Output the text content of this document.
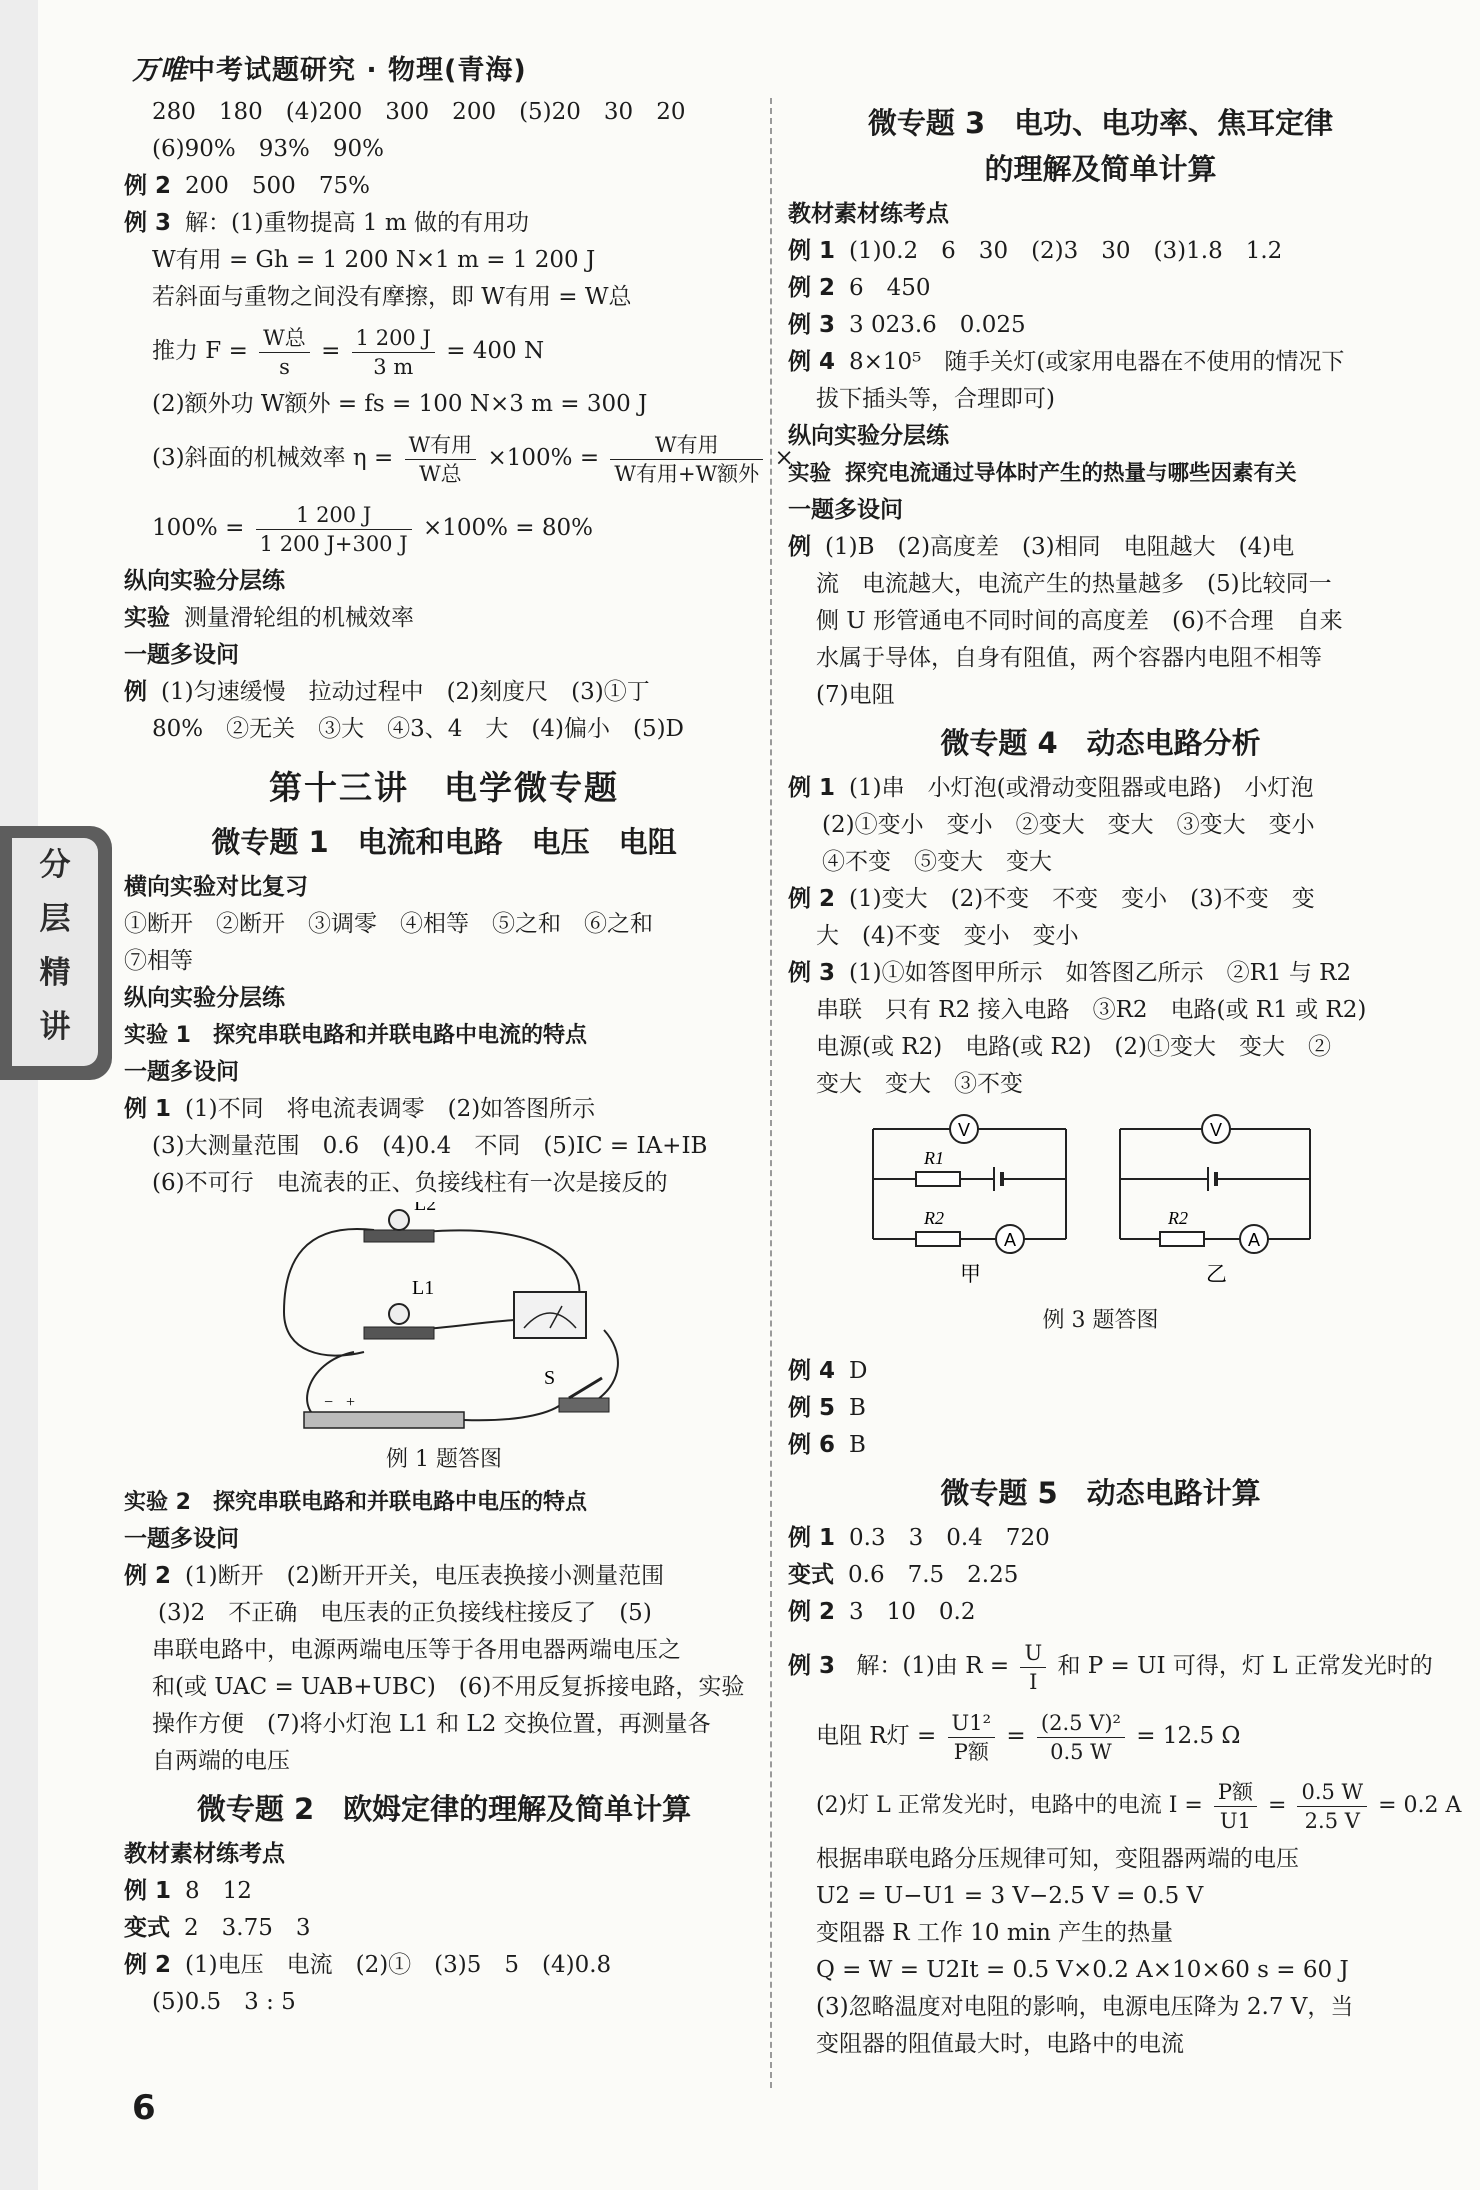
万唯中考试题研究 · 物理(青海)
分
层
精
讲
280　180　(4)200　300　200　(5)20　30　20
(6)90%　93%　90%
例 2 200　500　75%
例 3 解：(1)重物提高 1 m 做的有用功
W有用 = Gh = 1 200 N×1 m = 1 200 J
若斜面与重物之间没有摩擦，即 W有用 = W总
推力 $F = \frac{\text{W总}}{s} = \frac{1 200 J}{3 m} = 400$ N
(2)额外功 W额外 = fs = 100 N×3 m = 300 J
(3)斜面的机械效率 $\eta = \frac{\text{W有用}}{\text{W总}} \times 100\% = \frac{\text{W有用}}{\text{W有用+W额外}}$ ×
$100\% = \frac{1 200 J}{1 200 J+300 J} \times 100\% = 80\%$
纵向实验分层练
实验 测量滑轮组的机械效率
一题多设问
例 (1)匀速缓慢　拉动过程中　(2)刻度尺　(3)①丁
80%　②无关　③大　④3、4　大　(4)偏小　(5)D
第十三讲　电学微专题
微专题 1　电流和电路　电压　电阻
横向实验对比复习
①断开　②断开　③调零　④相等　⑤之和　⑥之和
⑦相等
纵向实验分层练
实验 1　探究串联电路和并联电路中电流的特点
一题多设问
例 1 (1)不同　将电流表调零　(2)如答图所示
(3)大测量范围　0.6　(4)0.4　不同　(5)IC = IA+IB
(6)不可行　电流表的正、负接线柱有一次是接反的
L2
L1
− +
S
例 1 题答图
实验 2　探究串联电路和并联电路中电压的特点
一题多设问
例 2 (1)断开　(2)断开开关，电压表换接小测量范围
(3)2　不正确　电压表的正负接线柱接反了　(5)
串联电路中，电源两端电压等于各用电器两端电压之
和(或 UAC = UAB+UBC)　(6)不用反复拆接电路，实验
操作方便　(7)将小灯泡 L1 和 L2 交换位置，再测量各
自两端的电压
微专题 2　欧姆定律的理解及简单计算
教材素材练考点
例 1 8　12
变式 2　3.75　3
例 2 (1)电压　电流　(2)①　(3)5　5　(4)0.8
(5)0.5　3 : 5
微专题 3　电功、电功率、焦耳定律
的理解及简单计算
教材素材练考点
例 1 (1)0.2　6　30　(2)3　30　(3)1.8　1.2
例 2 6　450
例 3 3 023.6　0.025
例 4 8×10⁵　随手关灯(或家用电器在不使用的情况下
拔下插头等，合理即可)
纵向实验分层练
实验 探究电流通过导体时产生的热量与哪些因素有关
一题多设问
例 (1)B　(2)高度差　(3)相同　电阻越大　(4)电
流　电流越大，电流产生的热量越多　(5)比较同一
侧 U 形管通电不同时间的高度差　(6)不合理　自来
水属于导体，自身有阻值，两个容器内电阻不相等
(7)电阻
微专题 4　动态电路分析
例 1 (1)串　小灯泡(或滑动变阻器或电路)　小灯泡
(2)①变小　变小　②变大　变大　③变大　变小
④不变　⑤变大　变大
例 2 (1)变大　(2)不变　不变　变小　(3)不变　变
大　(4)不变　变小　变小
例 3 (1)①如答图甲所示　如答图乙所示　②R1 与 R2
串联　只有 R2 接入电路　③R2　电路(或 R1 或 R2)
电源(或 R2)　电路(或 R2)　(2)①变大　变大　②
变大　变大　③不变
V
R1
A
R2
甲
V
A
R2
乙
例 3 题答图
例 4 D
例 5 B
例 6 B
微专题 5　动态电路计算
例 1 0.3　3　0.4　720
变式 0.6　7.5　2.25
例 2 3　10　0.2
例 3 解：(1)由 $R = \frac{U}{I}$ 和 P = UI 可得，灯 L 正常发光时的
电阻 R灯 = $\frac{\text{U1²}}{\text{P额}} = \frac{\text{(2.5 V)²}}{0.5 W} = 12.5$ Ω
(2)灯 L 正常发光时，电路中的电流 $I = \frac{\text{P额}}{U1} = \frac{0.5 W}{2.5 V} = 0.2$ A
根据串联电路分压规律可知，变阻器两端的电压
U2 = U−U1 = 3 V−2.5 V = 0.5 V
变阻器 R 工作 10 min 产生的热量
Q = W = U2It = 0.5 V×0.2 A×10×60 s = 60 J
(3)忽略温度对电阻的影响，电源电压降为 2.7 V，当
变阻器的阻值最大时，电路中的电流
6
